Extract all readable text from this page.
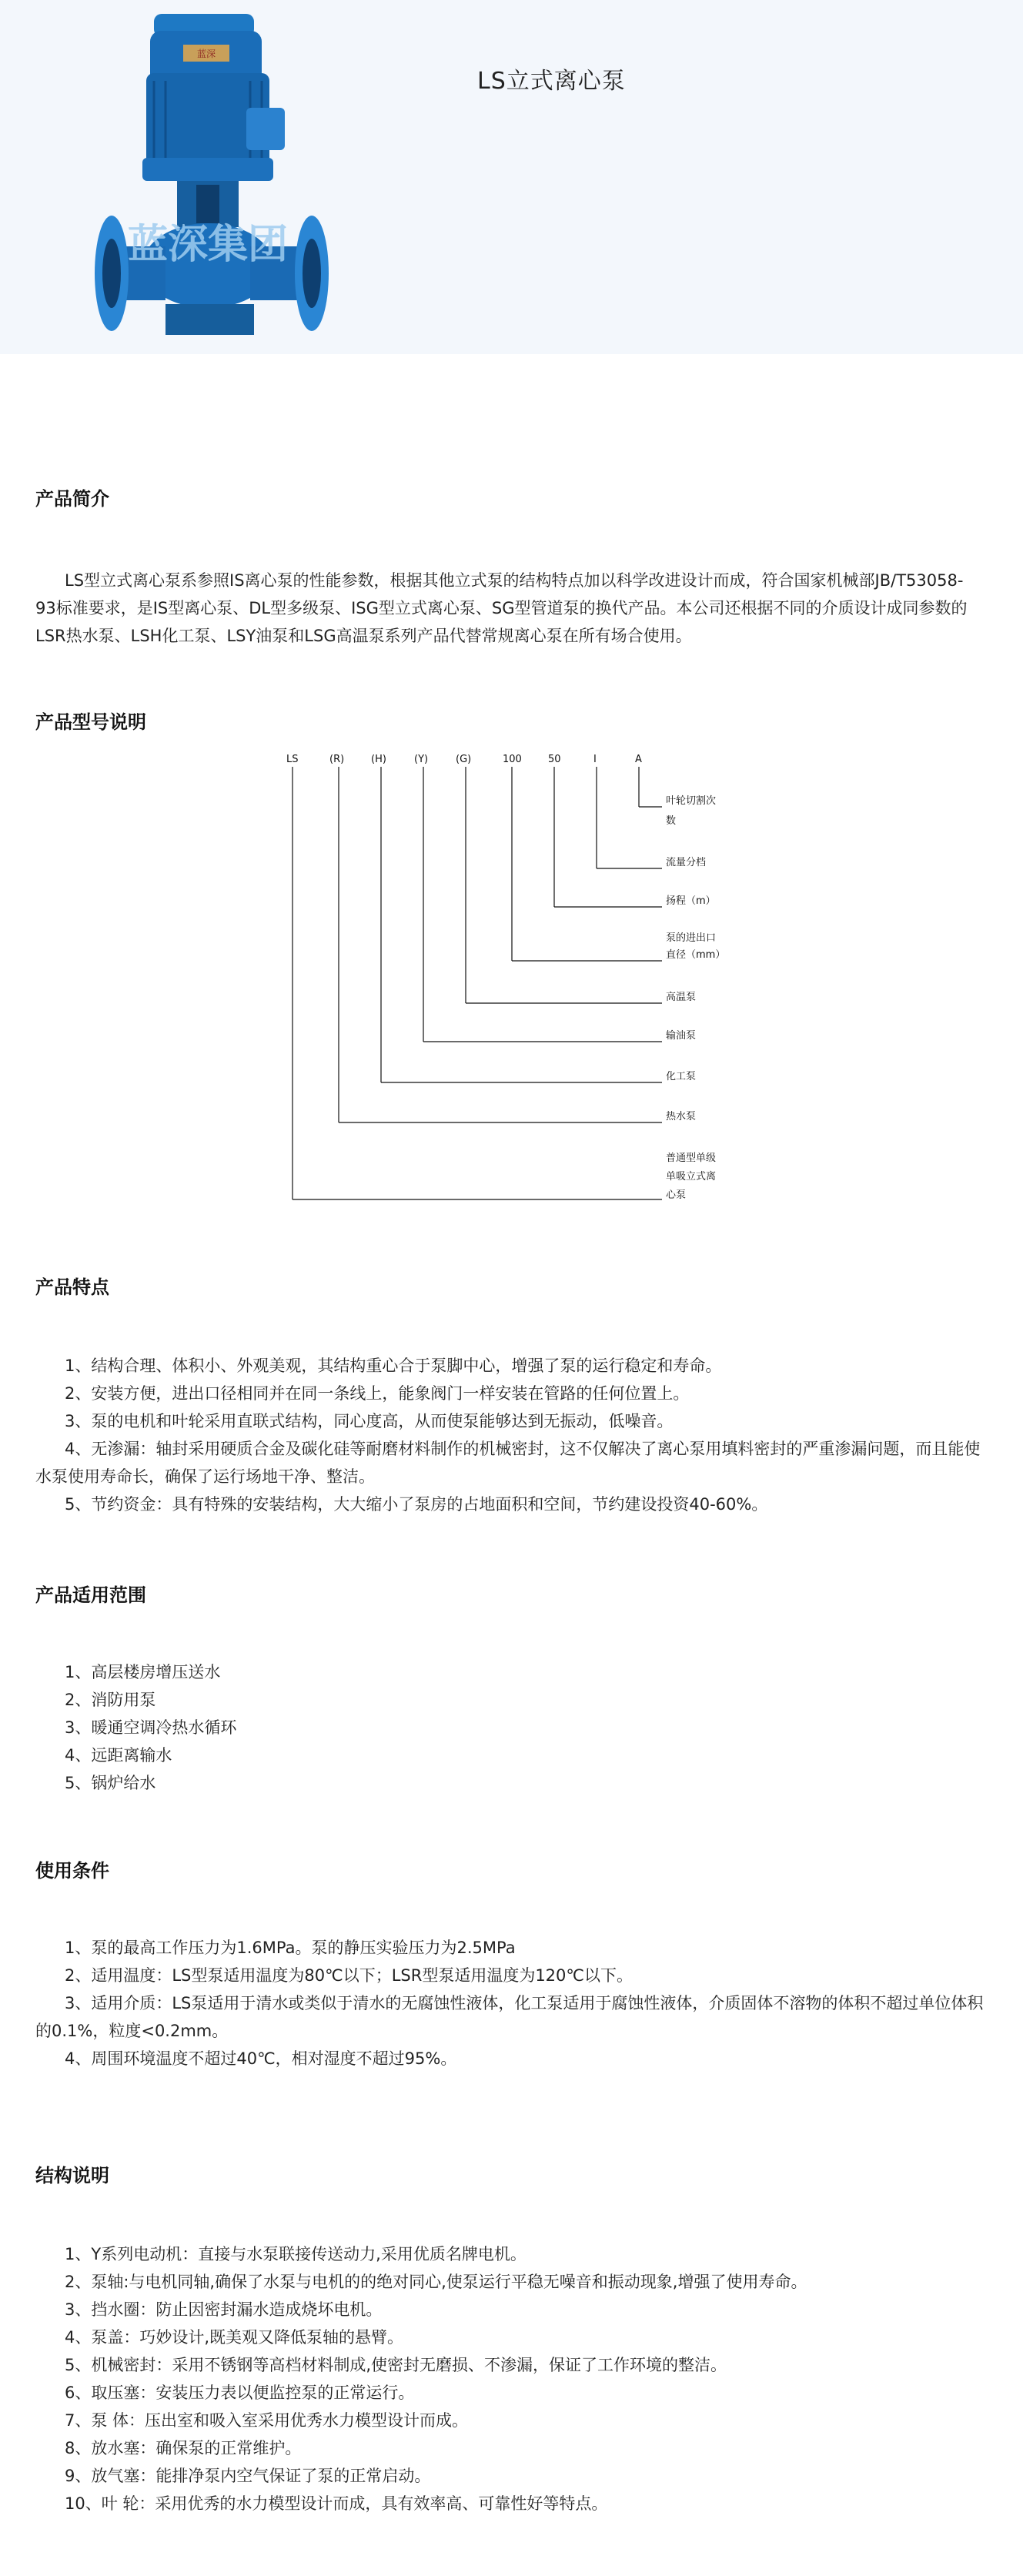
蓝深
蓝深集团
LS立式离心泵
产品简介
LS型立式离心泵系参照IS离心泵的性能参数，根据其他立式泵的结构特点加以科学改进设计而成，符合国家机械部JB/T53058-93标准要求，是IS型离心泵、DL型多级泵、ISG型立式离心泵、SG型管道泵的换代产品。本公司还根据不同的介质设计成同参数的LSR热水泵、LSH化工泵、LSY油泵和LSG高温泵系列产品代替常规离心泵在所有场合使用。
产品型号说明
LS	(R)	(H)	(Y)	(G)	100	50	I	A
叶轮切割次
数
流量分档
扬程（m）
泵的进出口
直径（mm）
高温泵
输油泵
化工泵
热水泵
普通型单级
单吸立式离
心泵
产品特点
1、结构合理、体积小、外观美观，其结构重心合于泵脚中心，增强了泵的运行稳定和寿命。
2、安装方便，进出口径相同并在同一条线上，能象阀门一样安装在管路的任何位置上。
3、泵的电机和叶轮采用直联式结构，同心度高，从而使泵能够达到无振动，低噪音。
4、无渗漏：轴封采用硬质合金及碳化硅等耐磨材料制作的机械密封，这不仅解决了离心泵用填料密封的严重渗漏问题，而且能使水泵使用寿命长，确保了运行场地干净、整洁。
5、节约资金：具有特殊的安装结构，大大缩小了泵房的占地面积和空间，节约建设投资40-60%。
产品适用范围
1、高层楼房增压送水
2、消防用泵
3、暖通空调冷热水循环
4、远距离输水
5、锅炉给水
使用条件
1、泵的最高工作压力为1.6MPa。泵的静压实验压力为2.5MPa
2、适用温度：LS型泵适用温度为80℃以下；LSR型泵适用温度为120℃以下。
3、适用介质：LS泵适用于清水或类似于清水的无腐蚀性液体，化工泵适用于腐蚀性液体，介质固体不溶物的体积不超过单位体积的0.1%，粒度<0.2mm。
4、周围环境温度不超过40℃，相对湿度不超过95%。
结构说明
1、Y系列电动机：直接与水泵联接传送动力,采用优质名牌电机。
2、泵轴:与电机同轴,确保了水泵与电机的的绝对同心,使泵运行平稳无噪音和振动现象,增强了使用寿命。
3、挡水圈：防止因密封漏水造成烧坏电机。
4、泵盖：巧妙设计,既美观又降低泵轴的悬臂。
5、机械密封：采用不锈钢等高档材料制成,使密封无磨损、不渗漏，保证了工作环境的整洁。
6、取压塞：安装压力表以便监控泵的正常运行。
7、泵 体：压出室和吸入室采用优秀水力模型设计而成。
8、放水塞：确保泵的正常维护。
9、放气塞：能排净泵内空气保证了泵的正常启动。
10、叶 轮：采用优秀的水力模型设计而成，具有效率高、可靠性好等特点。
